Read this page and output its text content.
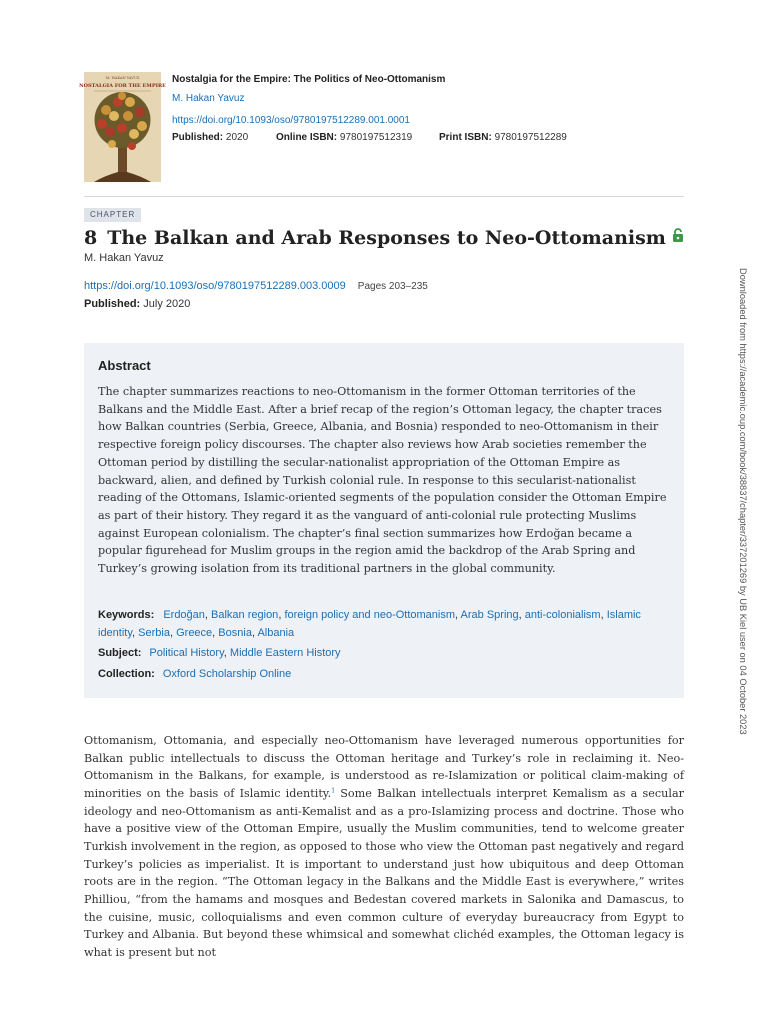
M. HAKAN YAVUZ
NOSTALGIA FOR THE EMPIRE
Nostalgia for the Empire: The Politics of Neo-Ottomanism
M. Hakan Yavuz
https://doi.org/10.1093/oso/9780197512289.001.0001
Published: 2020	Online ISBN: 9780197512319	Print ISBN: 9780197512289
CHAPTER
8 The Balkan and Arab Responses to Neo-Ottomanism
M. Hakan Yavuz
https://doi.org/10.1093/oso/9780197512289.003.0009 Pages 203–235
Published: July 2020
Abstract
The chapter summarizes reactions to neo-Ottomanism in the former Ottoman territories of the Balkans and the Middle East. After a brief recap of the region’s Ottoman legacy, the chapter traces how Balkan countries (Serbia, Greece, Albania, and Bosnia) responded to neo-Ottomanism in their respective foreign policy discourses. The chapter also reviews how Arab societies remember the Ottoman period by distilling the secular-nationalist appropriation of the Ottoman Empire as backward, alien, and defined by Turkish colonial rule. In response to this secularist-nationalist reading of the Ottomans, Islamic-oriented segments of the population consider the Ottoman Empire as part of their history. They regard it as the vanguard of anti-colonial rule protecting Muslims against European colonialism. The chapter’s final section summarizes how Erdoğan became a popular figurehead for Muslim groups in the region amid the backdrop of the Arab Spring and Turkey’s growing isolation from its traditional partners in the global community.
Keywords: Erdoğan, Balkan region, foreign policy and neo-Ottomanism, Arab Spring, anti-colonialism, Islamic identity, Serbia, Greece, Bosnia, Albania
Subject: Political History, Middle Eastern History
Collection: Oxford Scholarship Online
Ottomanism, Ottomania, and especially neo-Ottomanism have leveraged numerous opportunities for Balkan public intellectuals to discuss the Ottoman heritage and Turkey’s role in reclaiming it. Neo-Ottomanism in the Balkans, for example, is understood as re-Islamization or political claim-making of minorities on the basis of Islamic identity.$^1$ Some Balkan intellectuals interpret Kemalism as a secular ideology and neo-Ottomanism as anti-Kemalist and as a pro-Islamizing process and doctrine. Those who have a positive view of the Ottoman Empire, usually the Muslim communities, tend to welcome greater Turkish involvement in the region, as opposed to those who view the Ottoman past negatively and regard Turkey’s policies as imperialist. It is important to understand just how ubiquitous and deep Ottoman roots are in the region. “The Ottoman legacy in the Balkans and the Middle East is everywhere,” writes Philliou, “from the hamams and mosques and Bedestan covered markets in Salonika and Damascus, to the cuisine, music, colloquialisms and even common culture of everyday bureaucracy from Egypt to Turkey and Albania. But beyond these whimsical and somewhat clichéd examples, the Ottoman legacy is what is present but not
Downloaded from https://academic.oup.com/book/38837/chapter/337201269 by UB Kiel user on 04 October 2023
